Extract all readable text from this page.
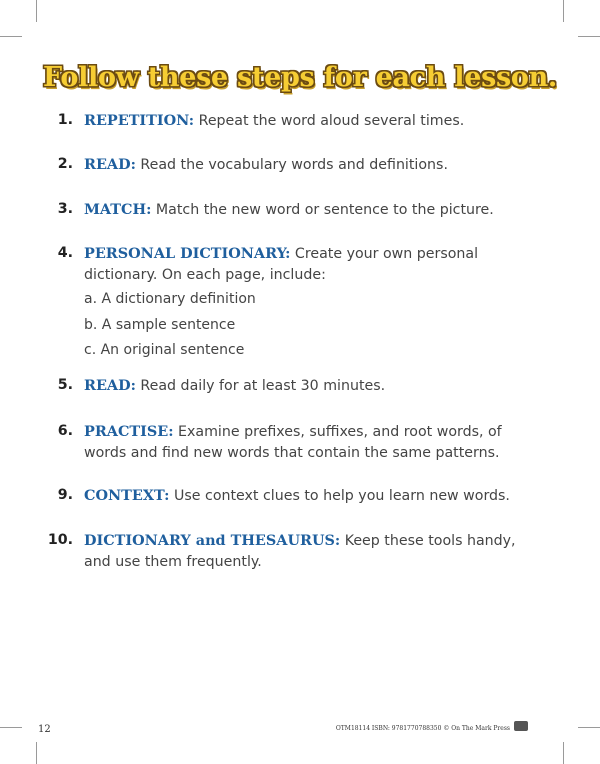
Follow these steps for each lesson.
1. REPETITION: Repeat the word aloud several times.
2. READ: Read the vocabulary words and definitions.
3. MATCH: Match the new word or sentence to the picture.
4. PERSONAL DICTIONARY: Create your own personal dictionary. On each page, include:
a. A dictionary definition
b. A sample sentence
c. An original sentence
5. READ: Read daily for at least 30 minutes.
6. PRACTISE: Examine prefixes, suffixes, and root words, of words and find new words that contain the same patterns.
9. CONTEXT: Use context clues to help you learn new words.
10. DICTIONARY and THESAURUS: Keep these tools handy, and use them frequently.
12	OTM18114 ISBN: 9781770788350 © On The Mark Press
